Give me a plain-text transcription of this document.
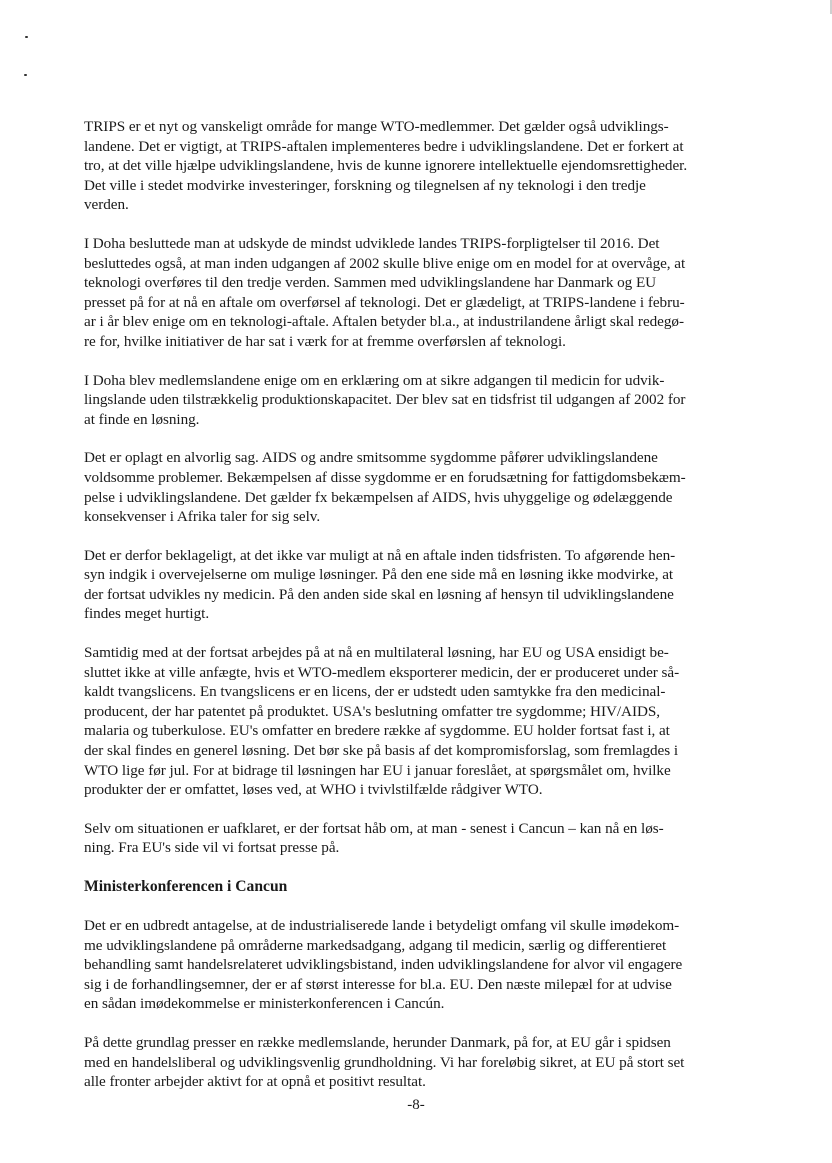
TRIPS er et nyt og vanskeligt område for mange WTO-medlemmer. Det gælder også udviklings-
landene. Det er vigtigt, at TRIPS-aftalen implementeres bedre i udviklingslandene. Det er forkert at
tro, at det ville hjælpe udviklingslandene, hvis de kunne ignorere intellektuelle ejendomsrettigheder.
Det ville i stedet modvirke investeringer, forskning og tilegnelsen af ny teknologi i den tredje
verden.

I Doha besluttede man at udskyde de mindst udviklede landes TRIPS-forpligtelser til 2016. Det
besluttedes også, at man inden udgangen af 2002 skulle blive enige om en model for at overvåge, at
teknologi overføres til den tredje verden. Sammen med udviklingslandene har Danmark og EU
presset på for at nå en aftale om overførsel af teknologi. Det er glædeligt, at TRIPS-landene i febru-
ar i år blev enige om en teknologi-aftale. Aftalen betyder bl.a., at industrilandene årligt skal redegø-
re for, hvilke initiativer de har sat i værk for at fremme overførslen af teknologi.

I Doha blev medlemslandene enige om en erklæring om at sikre adgangen til medicin for udvik-
lingslande uden tilstrækkelig produktionskapacitet. Der blev sat en tidsfrist til udgangen af 2002 for
at finde en løsning.

Det er oplagt en alvorlig sag. AIDS og andre smitsomme sygdomme påfører udviklingslandene
voldsomme problemer. Bekæmpelsen af disse sygdomme er en forudsætning for fattigdomsbekæm-
pelse i udviklingslandene. Det gælder fx bekæmpelsen af AIDS, hvis uhyggelige og ødelæggende
konsekvenser i Afrika taler for sig selv.

Det er derfor beklageligt, at det ikke var muligt at nå en aftale inden tidsfristen. To afgørende hen-
syn indgik i overvejelserne om mulige løsninger. På den ene side må en løsning ikke modvirke, at
der fortsat udvikles ny medicin. På den anden side skal en løsning af hensyn til udviklingslandene
findes meget hurtigt.

Samtidig med at der fortsat arbejdes på at nå en multilateral løsning, har EU og USA ensidigt be-
sluttet ikke at ville anfægte, hvis et WTO-medlem eksporterer medicin, der er produceret under så-
kaldt tvangslicens. En tvangslicens er en licens, der er udstedt uden samtykke fra den medicinal-
producent, der har patentet på produktet. USA's beslutning omfatter tre sygdomme; HIV/AIDS,
malaria og tuberkulose. EU's omfatter en bredere række af sygdomme. EU holder fortsat fast i, at
der skal findes en generel løsning. Det bør ske på basis af det kompromisforslag, som fremlagdes i
WTO lige før jul. For at bidrage til løsningen har EU i januar foreslået, at spørgsmålet om, hvilke
produkter der er omfattet, løses ved, at WHO i tvivlstilfælde rådgiver WTO.

Selv om situationen er uafklaret, er der fortsat håb om, at man - senest i Cancun – kan nå en løs-
ning. Fra EU's side vil vi fortsat presse på.

Ministerkonferencen i Cancun

Det er en udbredt antagelse, at de industrialiserede lande i betydeligt omfang vil skulle imødekom-
me udviklingslandene på områderne markedsadgang, adgang til medicin, særlig og differentieret
behandling samt handelsrelateret udviklingsbistand, inden udviklingslandene for alvor vil engagere
sig i de forhandlingsemner, der er af størst interesse for bl.a. EU. Den næste milepæl for at udvise
en sådan imødekommelse er ministerkonferencen i Cancún.

På dette grundlag presser en række medlemslande, herunder Danmark, på for, at EU går i spidsen
med en handelsliberal og udviklingsvenlig grundholdning. Vi har foreløbig sikret, at EU på stort set
alle fronter arbejder aktivt for at opnå et positivt resultat.

-8-
